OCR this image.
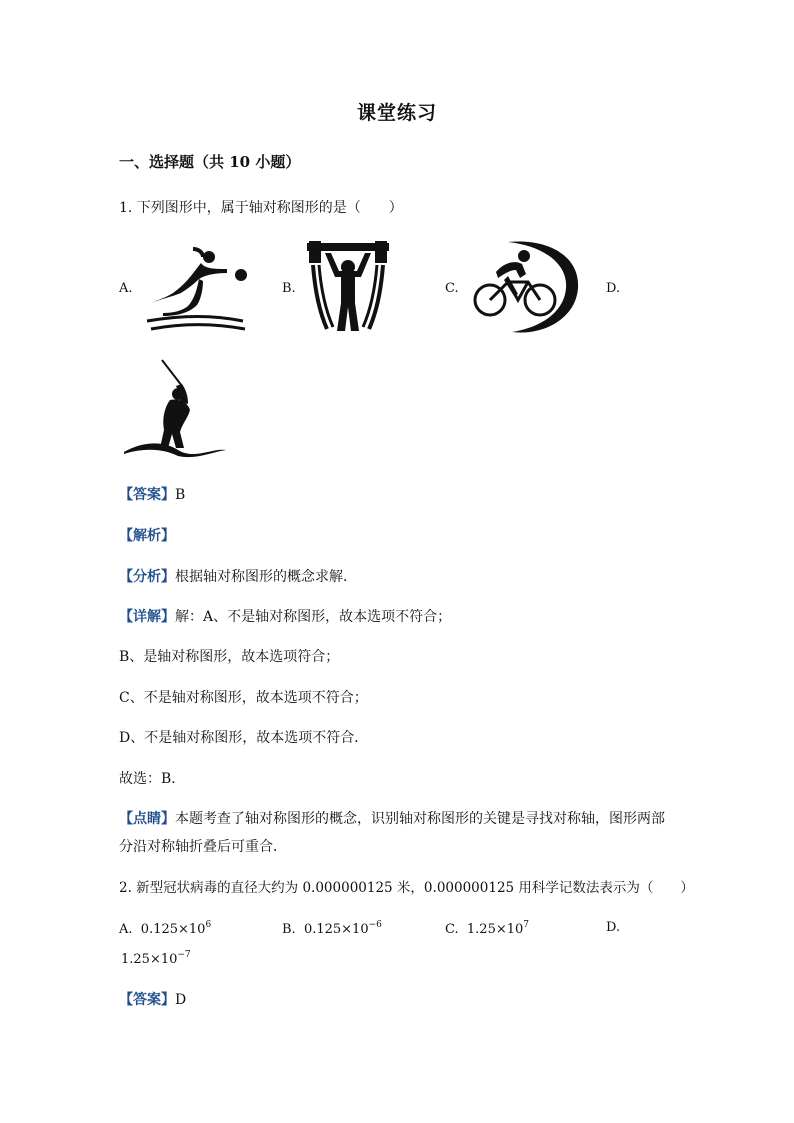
课堂练习
一、选择题（共 10 小题）
1. 下列图形中，属于轴对称图形的是（　　）
A.	B.	C.	D.
【答案】B
【解析】
【分析】根据轴对称图形的概念求解．
【详解】解：A、不是轴对称图形，故本选项不符合；
B、是轴对称图形，故本选项符合；
C、不是轴对称图形，故本选项不符合；
D、不是轴对称图形，故本选项不符合．
故选：B．
【点睛】本题考查了轴对称图形的概念，识别轴对称图形的关键是寻找对称轴，图形两部
分沿对称轴折叠后可重合．
2. 新型冠状病毒的直径大约为 0.000000125 米，0.000000125 用科学记数法表示为（　　）
A. $0.125\times 10^6$	B. $0.125\times 10^{-6}$	C. $1.25\times 10^7$	D.
$1.25\times 10^{-7}$
【答案】D
